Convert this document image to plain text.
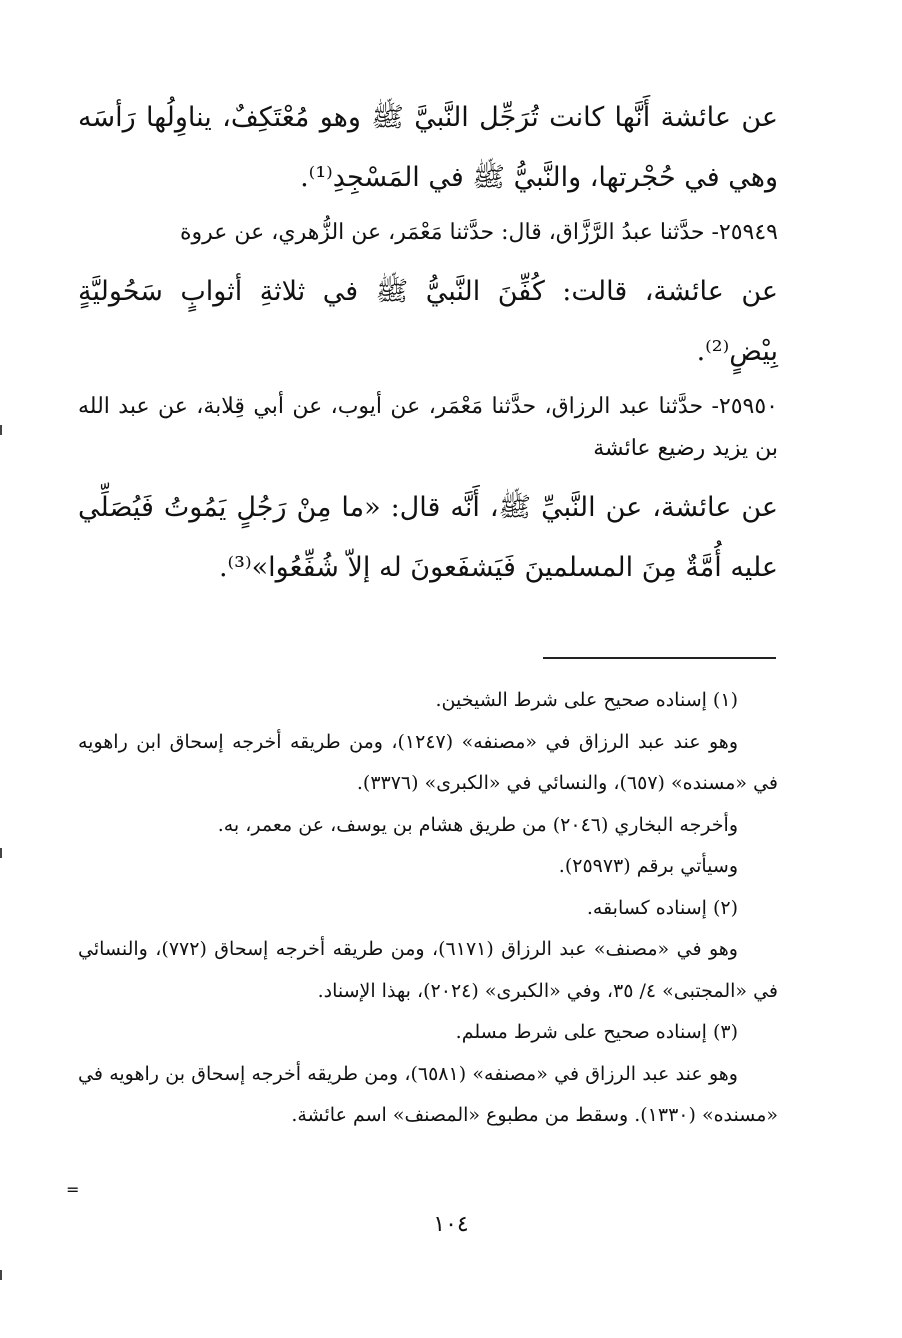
عن عائشة أَنَّها كانت تُرَجِّل النَّبيَّ ﷺ وهو مُعْتَكِفٌ، يناوِلُها رَأسَه وهي في حُجْرتها، والنَّبيُّ ﷺ في المَسْجِدِ⁽¹⁾.

٢٥٩٤٩- حدَّثنا عبدُ الرَّزَّاق، قال: حدَّثنا مَعْمَر، عن الزُّهري، عن عروة

عن عائشة، قالت: كُفِّنَ النَّبيُّ ﷺ في ثلاثةِ أثوابٍ سَحُوليَّةٍ بِيْضٍ⁽²⁾.

٢٥٩٥٠- حدَّثنا عبد الرزاق، حدَّثنا مَعْمَر، عن أيوب، عن أبي قِلابة، عن عبد الله بن يزيد رضيع عائشة

عن عائشة، عن النَّبيِّ ﷺ، أَنَّه قال: «ما مِنْ رَجُلٍ يَمُوتُ فَيُصَلِّي عليه أُمَّةٌ مِنَ المسلمينَ فَيَشفَعونَ له إلاّ شُفِّعُوا»⁽³⁾.

(١) إسناده صحيح على شرط الشيخين.

وهو عند عبد الرزاق في «مصنفه» (١٢٤٧)، ومن طريقه أخرجه إسحاق ابن راهويه في «مسنده» (٦٥٧)، والنسائي في «الكبرى» (٣٣٧٦).

وأخرجه البخاري (٢٠٤٦) من طريق هشام بن يوسف، عن معمر، به.

وسيأتي برقم (٢٥٩٧٣).

(٢) إسناده كسابقه.

وهو في «مصنف» عبد الرزاق (٦١٧١)، ومن طريقه أخرجه إسحاق (٧٧٢)، والنسائي في «المجتبى» ٤/ ٣٥، وفي «الكبرى» (٢٠٢٤)، بهذا الإسناد.

(٣) إسناده صحيح على شرط مسلم.

وهو عند عبد الرزاق في «مصنفه» (٦٥٨١)، ومن طريقه أخرجه إسحاق بن راهويه في «مسنده» (١٣٣٠). وسقط من مطبوع «المصنف» اسم عائشة.

=
١٠٤
